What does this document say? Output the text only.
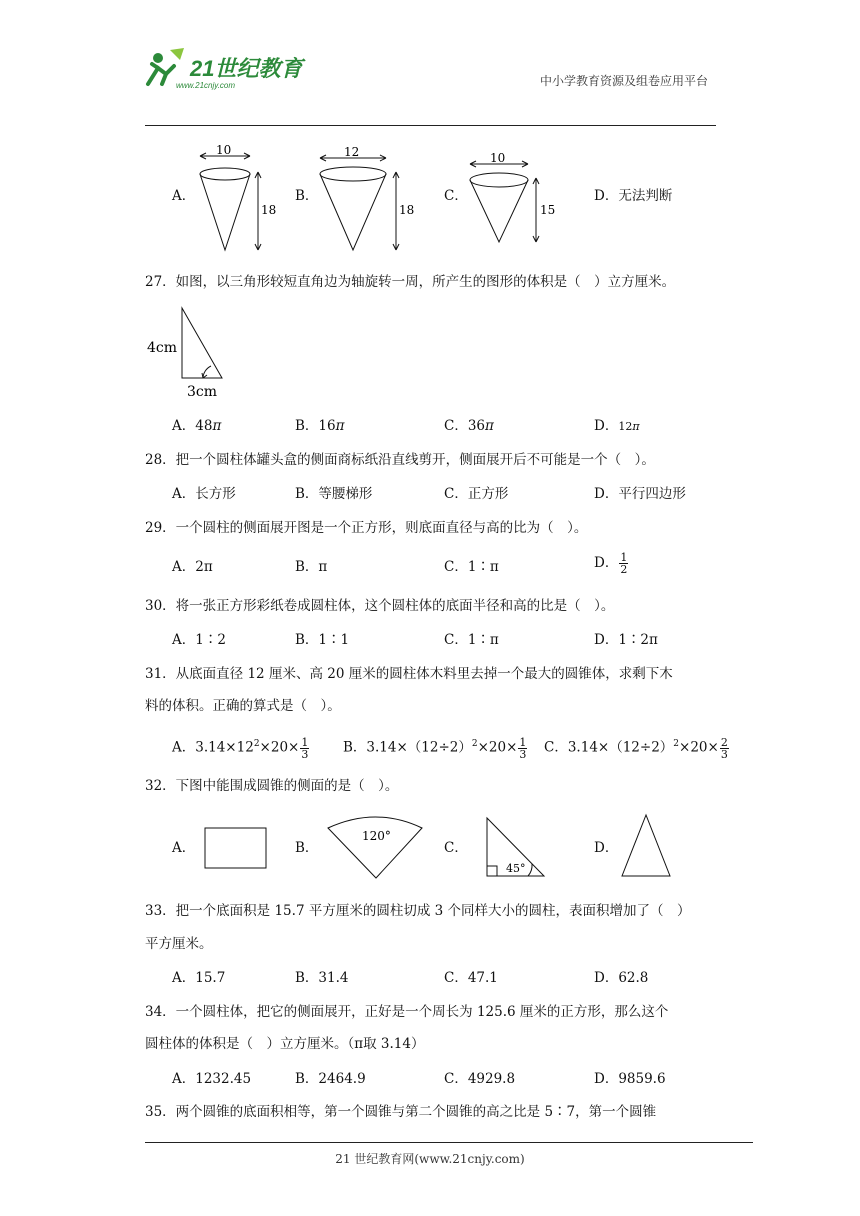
21世纪教育
www.21cnjy.com	中小学教育资源及组卷应用平台
A．
10
18
B．
12
18
C．
10
15
D．无法判断
27．如图，以三角形较短直角边为轴旋转一周，所产生的图形的体积是（　）立方厘米。
4cm
3cm
A．48π	B．16π	C．36π	D．12π
28．把一个圆柱体罐头盒的侧面商标纸沿直线剪开，侧面展开后不可能是一个（　）。
A．长方形	B．等腰梯形	C．正方形	D．平行四边形
29．一个圆柱的侧面展开图是一个正方形，则底面直径与高的比为（　）。
A．2π	B．π	C．1∶π	D． $\frac{1}{2}$
30．将一张正方形彩纸卷成圆柱体，这个圆柱体的底面半径和高的比是（　）。
A．1∶2	B．1∶1	C．1∶π	D．1∶2π
31．从底面直径 12 厘米、高 20 厘米的圆柱体木料里去掉一个最大的圆锥体，求剩下木
料的体积。正确的算式是（　）。
A．$3.14\times 12^2\times 20\times \frac{1}{3}$ B．$3.14\times(12\div 2)^2\times 20\times \frac{1}{3}$ C．$3.14\times(12\div 2)^2\times 20\times \frac{2}{3}$
32．下图中能围成圆锥的侧面的是（　）。
A．	B．
120°
C．
45°
D．
33．把一个底面积是 15.7 平方厘米的圆柱切成 3 个同样大小的圆柱，表面积增加了（　）
平方厘米。
A．15.7	B．31.4	C．47.1	D．62.8
34．一个圆柱体，把它的侧面展开，正好是一个周长为 125.6 厘米的正方形，那么这个
圆柱体的体积是（　）立方厘米。（π取 3.14）
A．1232.45	B．2464.9	C．4929.8	D．9859.6
35．两个圆锥的底面积相等，第一个圆锥与第二个圆锥的高之比是 5∶7，第一个圆锥
21 世纪教育网(www.21cnjy.com)
